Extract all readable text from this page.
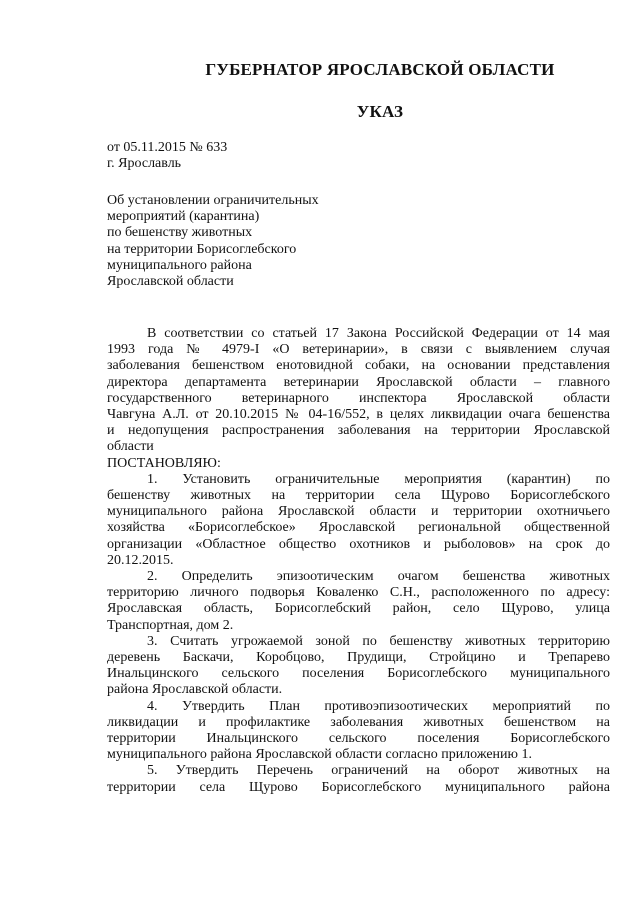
ГУБЕРНАТОР ЯРОСЛАВСКОЙ ОБЛАСТИ
УКАЗ
от 05.11.2015 № 633
г. Ярославль
Об установлении ограничительных
мероприятий (карантина)
по бешенству животных
на территории Борисоглебского
муниципального района
Ярославской области
В соответствии со статьей 17 Закона Российской Федерации от 14 мая
1993 года № 4979-I «О ветеринарии», в связи с выявлением случая
заболевания бешенством енотовидной собаки, на основании представления
директора департамента ветеринарии Ярославской области – главного
государственного ветеринарного инспектора Ярославской области
Чавгуна А.Л. от 20.10.2015 № 04-16/552, в целях ликвидации очага бешенства
и недопущения распространения заболевания на территории Ярославской
области
ПОСТАНОВЛЯЮ:
1. Установить ограничительные мероприятия (карантин) по
бешенству животных на территории села Щурово Борисоглебского
муниципального района Ярославской области и территории охотничьего
хозяйства «Борисоглебское» Ярославской региональной общественной
организации «Областное общество охотников и рыболовов» на срок до
20.12.2015.
2. Определить эпизоотическим очагом бешенства животных
территорию личного подворья Коваленко С.Н., расположенного по адресу:
Ярославская область, Борисоглебский район, село Щурово, улица
Транспортная, дом 2.
3. Считать угрожаемой зоной по бешенству животных территорию
деревень Баскачи, Коробцово, Прудищи, Стройцино и Трепарево
Инальцинского сельского поселения Борисоглебского муниципального
района Ярославской области.
4. Утвердить План противоэпизоотических мероприятий по
ликвидации и профилактике заболевания животных бешенством на
территории Инальцинского сельского поселения Борисоглебского
муниципального района Ярославской области согласно приложению 1.
5. Утвердить Перечень ограничений на оборот животных на
территории села Щурово Борисоглебского муниципального района
